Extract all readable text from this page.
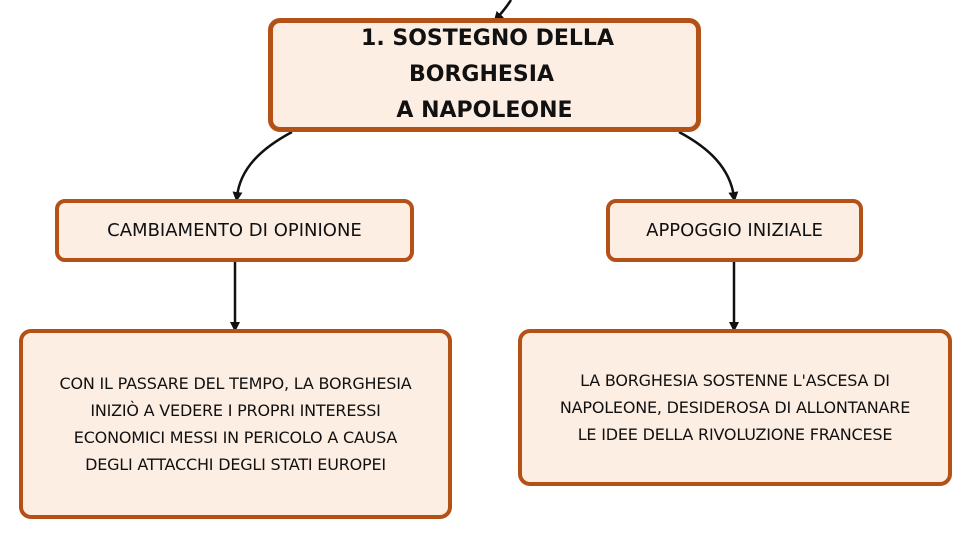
1. SOSTEGNO DELLA BORGHESIA
A NAPOLEONE
CAMBIAMENTO DI OPINIONE	APPOGGIO INIZIALE
CON IL PASSARE DEL TEMPO, LA BORGHESIA
INIZIÒ A VEDERE I PROPRI INTERESSI
ECONOMICI MESSI IN PERICOLO A CAUSA
DEGLI ATTACCHI DEGLI STATI EUROPEI
LA BORGHESIA SOSTENNE L'ASCESA DI
NAPOLEONE, DESIDEROSA DI ALLONTANARE
LE IDEE DELLA RIVOLUZIONE FRANCESE
